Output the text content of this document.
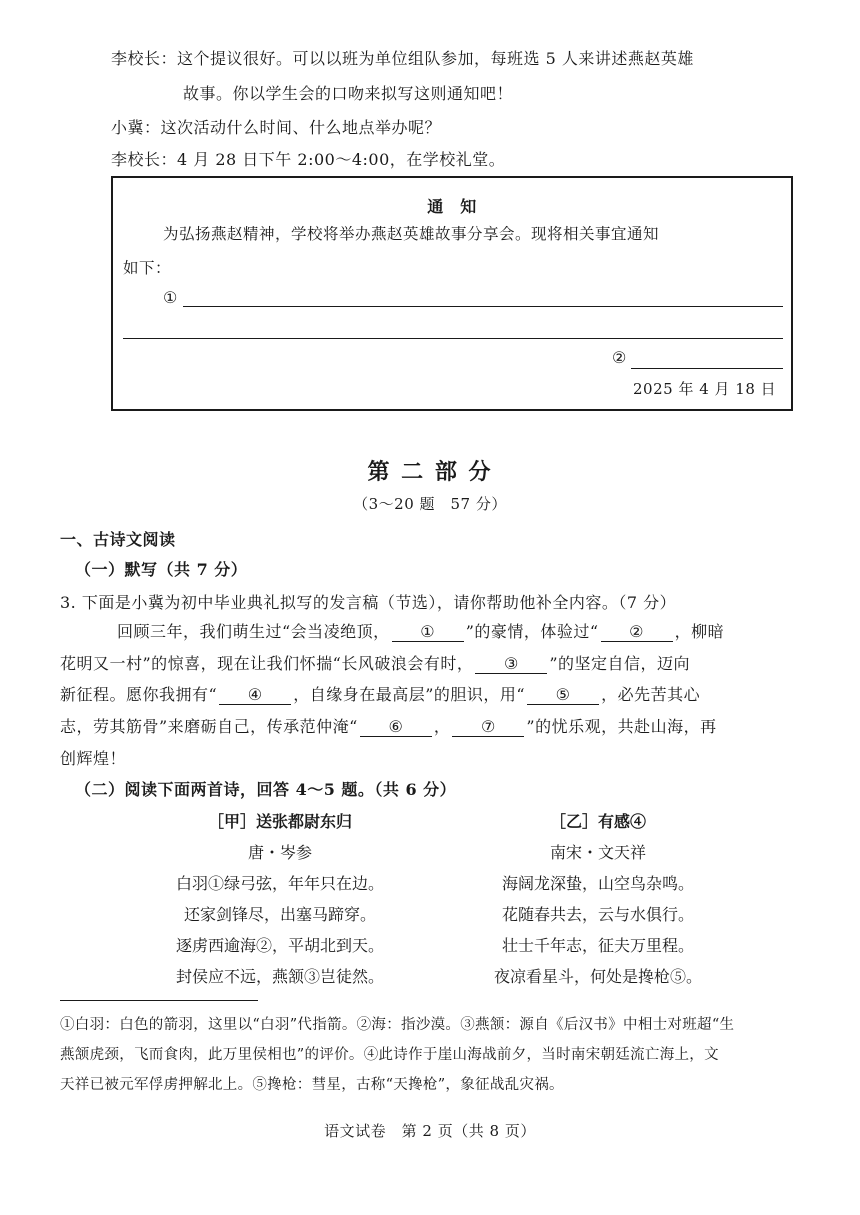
李校长：这个提议很好。可以以班为单位组队参加，每班选 5 人来讲述燕赵英雄
故事。你以学生会的口吻来拟写这则通知吧！
小冀：这次活动什么时间、什么地点举办呢？
李校长：4 月 28 日下午 2:00～4:00，在学校礼堂。
通　知
为弘扬燕赵精神，学校将举办燕赵英雄故事分享会。现将相关事宜通知
如下：
①
②
2025 年 4 月 18 日
第 二 部 分
（3～20 题　57 分）
一、古诗文阅读
（一）默写（共 7 分）
3. 下面是小冀为初中毕业典礼拟写的发言稿（节选），请你帮助他补全内容。（7 分）
回顾三年，我们萌生过“会当凌绝顶， ① ”的豪情，体验过“ ② ，柳暗
花明又一村”的惊喜，现在让我们怀揣“长风破浪会有时， ③ ”的坚定自信，迈向
新征程。愿你我拥有“ ④ ，自缘身在最高层”的胆识，用“ ⑤ ，必先苦其心
志，劳其筋骨”来磨砺自己，传承范仲淹“ ⑥ ， ⑦ ”的忧乐观，共赴山海，再
创辉煌！
（二）阅读下面两首诗，回答 4～5 题。（共 6 分）
［甲］送张都尉东归
唐・岑参
白羽①绿弓弦，年年只在边。
还家剑锋尽，出塞马蹄穿。
逐虏西逾海②，平胡北到天。
封侯应不远，燕颔③岂徒然。
［乙］有感④
南宋・文天祥
海阔龙深蛰，山空鸟杂鸣。
花随春共去，云与水俱行。
壮士千年志，征夫万里程。
夜凉看星斗，何处是搀枪⑤。
①白羽：白色的箭羽，这里以“白羽”代指箭。②海：指沙漠。③燕颔：源自《后汉书》中相士对班超“生
燕颔虎颈，飞而食肉，此万里侯相也”的评价。④此诗作于崖山海战前夕，当时南宋朝廷流亡海上，文
天祥已被元军俘虏押解北上。⑤搀枪：彗星，古称“天搀枪”，象征战乱灾祸。
语文试卷　第 2 页（共 8 页）
